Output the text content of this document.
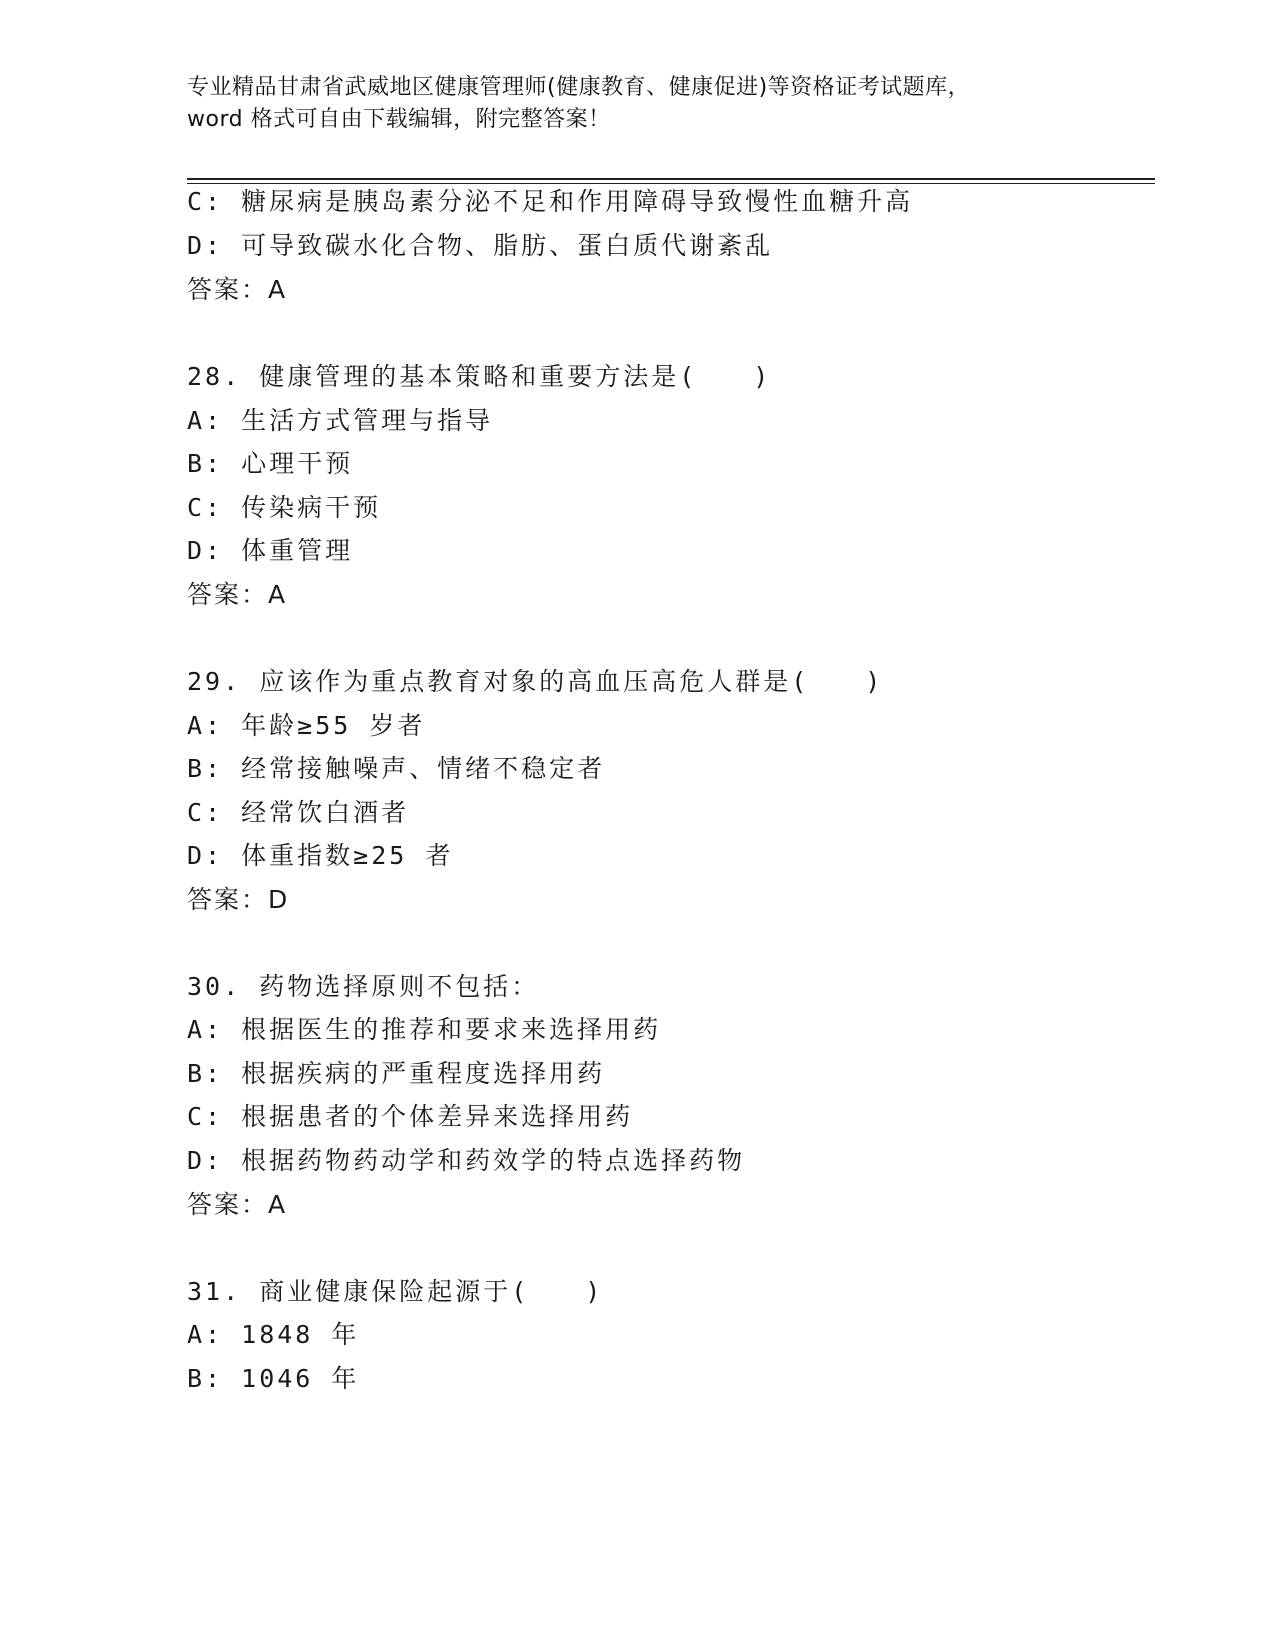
专业精品甘肃省武威地区健康管理师(健康教育、健康促进)等资格证考试题库，
word 格式可自由下载编辑，附完整答案！
C: 糖尿病是胰岛素分泌不足和作用障碍导致慢性血糖升高
D: 可导致碳水化合物、脂肪、蛋白质代谢紊乱
答案：A
28. 健康管理的基本策略和重要方法是(　　)
A: 生活方式管理与指导
B: 心理干预
C: 传染病干预
D: 体重管理
答案：A
29. 应该作为重点教育对象的高血压高危人群是(　　)
A: 年龄≥55 岁者
B: 经常接触噪声、情绪不稳定者
C: 经常饮白酒者
D: 体重指数≥25 者
答案：D
30. 药物选择原则不包括：
A: 根据医生的推荐和要求来选择用药
B: 根据疾病的严重程度选择用药
C: 根据患者的个体差异来选择用药
D: 根据药物药动学和药效学的特点选择药物
答案：A
31. 商业健康保险起源于(　　)
A: 1848 年
B: 1046 年
